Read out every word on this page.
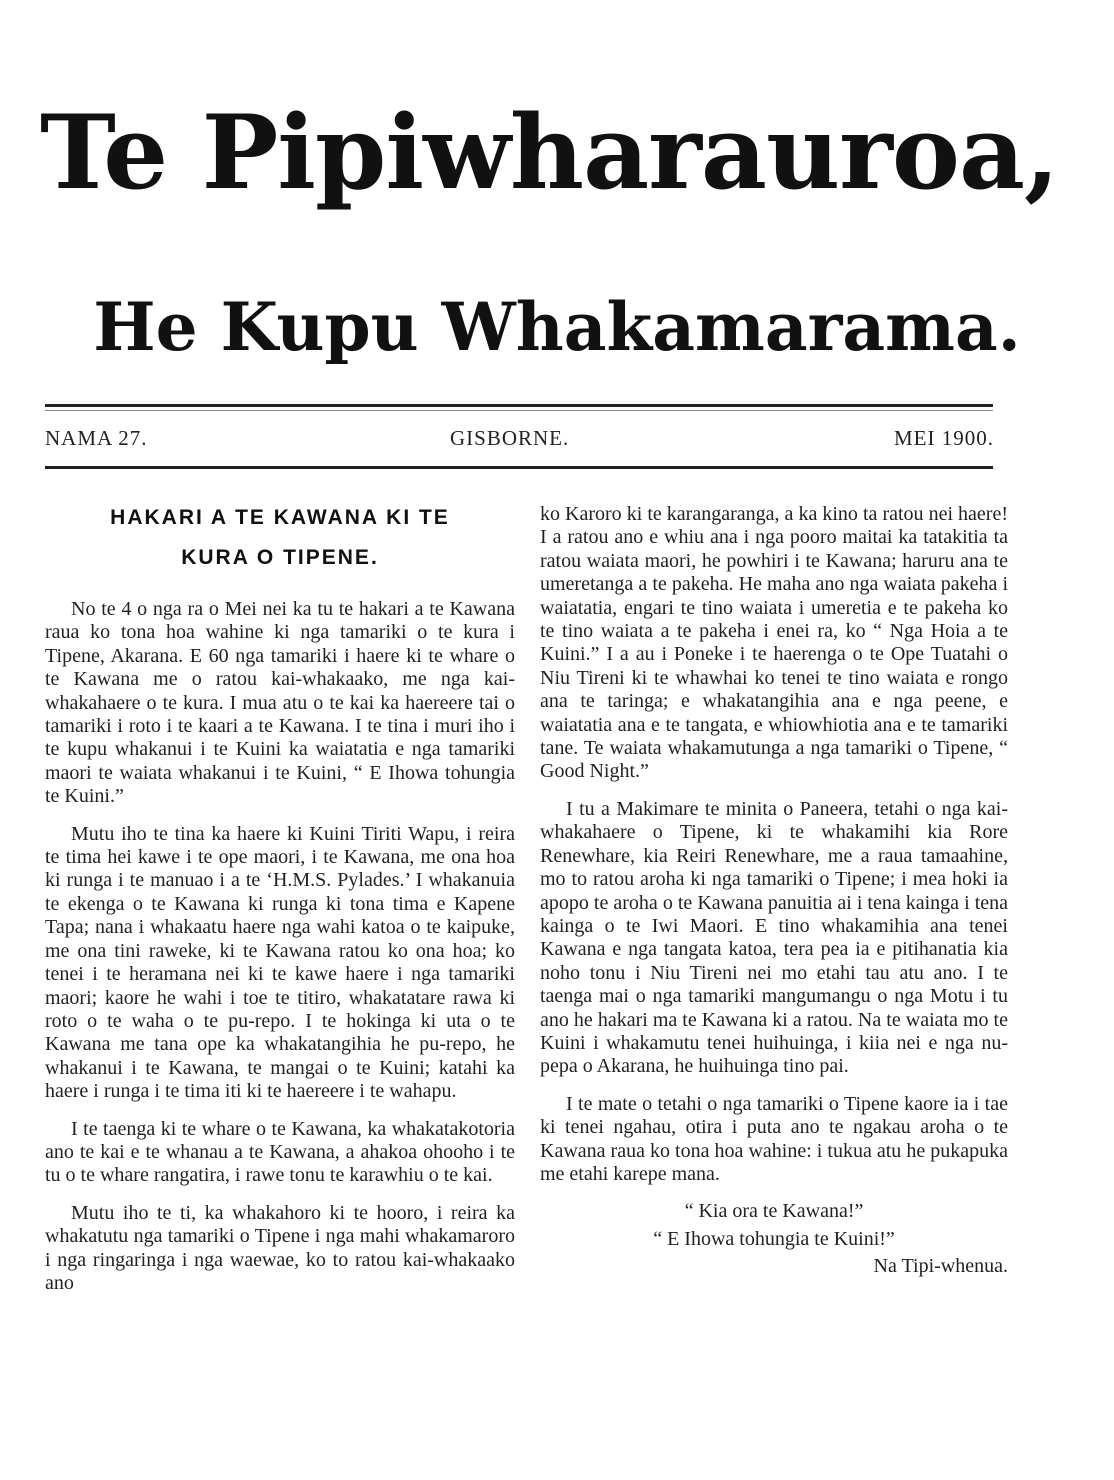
Te Pipiwharauroa,
He Kupu Whakamarama.
NAMA 27.	GISBORNE.	MEI 1900.
HAKARI A TE KAWANA KI TE
KURA O TIPENE.

No te 4 o nga ra o Mei nei ka tu te hakari a te Kawana raua ko tona hoa wahine ki nga tamariki o te kura i Tipene, Akarana. E 60 nga tamariki i haere ki te whare o te Kawana me o ratou kai-whakaako, me nga kai-whakahaere o te kura. I mua atu o te kai ka haereere tai o tamariki i roto i te kaari a te Kawana. I te tina i muri iho i te kupu whakanui i te Kuini ka waiatatia e nga tamariki maori te waiata whakanui i te Kuini, “ E Ihowa tohungia te Kuini.”

Mutu iho te tina ka haere ki Kuini Tiriti Wapu, i reira te tima hei kawe i te ope maori, i te Kawana, me ona hoa ki runga i te manuao i a te ‘H.M.S. Pylades.’ I whakanuia te ekenga o te Kawana ki runga ki tona tima e Kapene Tapa; nana i whakaatu haere nga wahi katoa o te kaipuke, me ona tini raweke, ki te Kawana ratou ko ona hoa; ko tenei i te heramana nei ki te kawe haere i nga tamariki maori; kaore he wahi i toe te titiro, whakatatare rawa ki roto o te waha o te pu-repo. I te hokinga ki uta o te Kawana me tana ope ka whakatangihia he pu-repo, he whakanui i te Kawana, te mangai o te Kuini; katahi ka haere i runga i te tima iti ki te haereere i te wahapu.

I te taenga ki te whare o te Kawana, ka whakatakotoria ano te kai e te whanau a te Kawana, a ahakoa ohooho i te tu o te whare rangatira, i rawe tonu te karawhiu o te kai.

Mutu iho te ti, ka whakahoro ki te hooro, i reira ka whakatutu nga tamariki o Tipene i nga mahi whakamaroro i nga ringaringa i nga waewae, ko to ratou kai-whakaako ano

ko Karoro ki te karangaranga, a ka kino ta ratou nei haere! I a ratou ano e whiu ana i nga pooro maitai ka tatakitia ta ratou waiata maori, he powhiri i te Kawana; haruru ana te umeretanga a te pakeha. He maha ano nga waiata pakeha i waiatatia, engari te tino waiata i umeretia e te pakeha ko te tino waiata a te pakeha i enei ra, ko “ Nga Hoia a te Kuini.” I a au i Poneke i te haerenga o te Ope Tuatahi o Niu Tireni ki te whawhai ko tenei te tino waiata e rongo ana te taringa; e whakatangihia ana e nga peene, e waiatatia ana e te tangata, e whiowhiotia ana e te tamariki tane. Te waiata whakamutunga a nga tamariki o Tipene, “ Good Night.”

I tu a Makimare te minita o Paneera, tetahi o nga kai-whakahaere o Tipene, ki te whakamihi kia Rore Renewhare, kia Reiri Renewhare, me a raua tamaahine, mo to ratou aroha ki nga tamariki o Tipene; i mea hoki ia apopo te aroha o te Kawana panuitia ai i tena kainga i tena kainga o te Iwi Maori. E tino whakamihia ana tenei Kawana e nga tangata katoa, tera pea ia e pitihanatia kia noho tonu i Niu Tireni nei mo etahi tau atu ano. I te taenga mai o nga tamariki mangumangu o nga Motu i tu ano he hakari ma te Kawana ki a ratou. Na te waiata mo te Kuini i whakamutu tenei huihuinga, i kiia nei e nga nu-pepa o Akarana, he huihuinga tino pai.

I te mate o tetahi o nga tamariki o Tipene kaore ia i tae ki tenei ngahau, otira i puta ano te ngakau aroha o te Kawana raua ko tona hoa wahine: i tukua atu he pukapuka me etahi karepe mana.

“ Kia ora te Kawana!”

“ E Ihowa tohungia te Kuini!”

Na Tipi-whenua.
